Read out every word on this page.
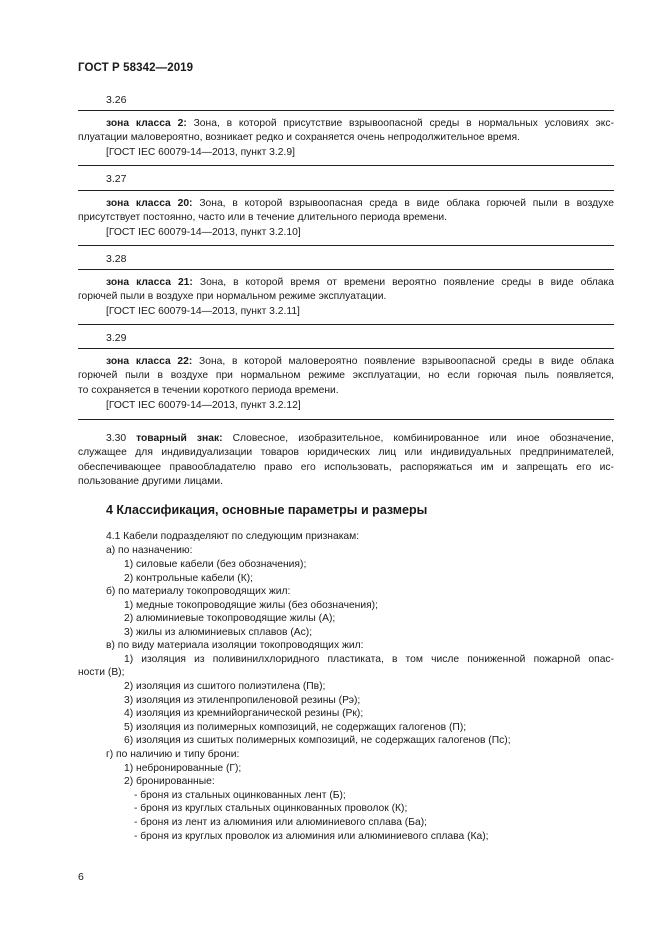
ГОСТ Р 58342—2019
3.26
зона класса 2: Зона, в которой присутствие взрывоопасной среды в нормальных условиях экс-
плуатации маловероятно, возникает редко и сохраняется очень непродолжительное время.
[ГОСТ IEC 60079-14—2013, пункт 3.2.9]
3.27
зона класса 20: Зона, в которой взрывоопасная среда в виде облака горючей пыли в воздухе
присутствует постоянно, часто или в течение длительного периода времени.
[ГОСТ IEC 60079-14—2013, пункт 3.2.10]
3.28
зона класса 21: Зона, в которой время от времени вероятно появление среды в виде облака
горючей пыли в воздухе при нормальном режиме эксплуатации.
[ГОСТ IEC 60079-14—2013, пункт 3.2.11]
3.29
зона класса 22: Зона, в которой маловероятно появление взрывоопасной среды в виде облака
горючей пыли в воздухе при нормальном режиме эксплуатации, но если горючая пыль появляется,
то сохраняется в течении короткого периода времени.
[ГОСТ IEC 60079-14—2013, пункт 3.2.12]
3.30 товарный знак: Словесное, изобразительное, комбинированное или иное обозначение,
служащее для индивидуализации товаров юридических лиц или индивидуальных предпринимателей,
обеспечивающее правообладателю право его использовать, распоряжаться им и запрещать его ис-
пользование другими лицами.
4 Классификация, основные параметры и размеры
4.1 Кабели подразделяют по следующим признакам:
а) по назначению:
1) силовые кабели (без обозначения);
2) контрольные кабели (К);
б) по материалу токопроводящих жил:
1) медные токопроводящие жилы (без обозначения);
2) алюминиевые токопроводящие жилы (А);
3) жилы из алюминиевых сплавов (Ас);
в) по виду материала изоляции токопроводящих жил:
1) изоляция из поливинилхлоридного пластиката, в том числе пониженной пожарной опас-
ности (В);
2) изоляция из сшитого полиэтилена (Пв);
3) изоляция из этиленпропиленовой резины (Рэ);
4) изоляция из кремнийорганической резины (Рк);
5) изоляция из полимерных композиций, не содержащих галогенов (П);
6) изоляция из сшитых полимерных композиций, не содержащих галогенов (Пс);
г) по наличию и типу брони:
1) небронированные (Г);
2) бронированные:
- броня из стальных оцинкованных лент (Б);
- броня из круглых стальных оцинкованных проволок (К);
- броня из лент из алюминия или алюминиевого сплава (Ба);
- броня из круглых проволок из алюминия или алюминиевого сплава (Ка);
6
